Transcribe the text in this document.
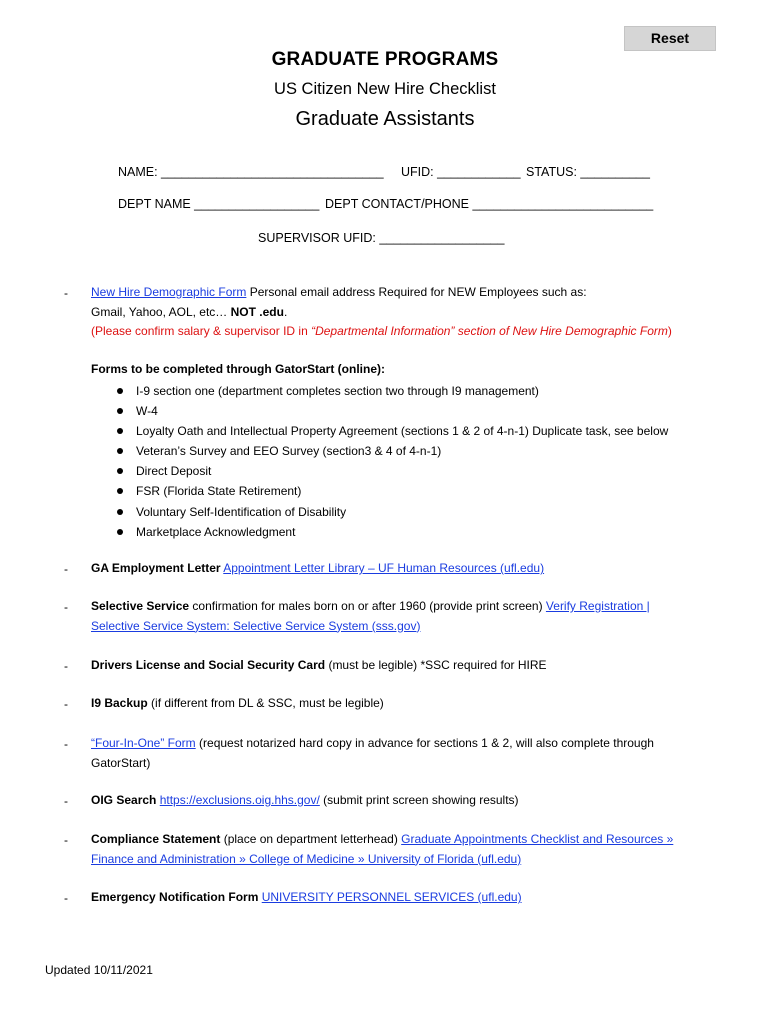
Reset
GRADUATE PROGRAMS
US Citizen New Hire Checklist
Graduate Assistants
NAME: ________________________________ UFID: ____________ STATUS: __________
DEPT NAME __________________ DEPT CONTACT/PHONE __________________________
SUPERVISOR UFID: __________________
- New Hire Demographic Form Personal email address Required for NEW Employees such as:
Gmail, Yahoo, AOL, etc… NOT .edu.
(Please confirm salary & supervisor ID in “Departmental Information” section of New Hire Demographic Form)
Forms to be completed through GatorStart (online):
I-9 section one (department completes section two through I9 management)
W-4
Loyalty Oath and Intellectual Property Agreement (sections 1 & 2 of 4-n-1) Duplicate task, see below
Veteran’s Survey and EEO Survey (section3 & 4 of 4-n-1)
Direct Deposit
FSR (Florida State Retirement)
Voluntary Self-Identification of Disability
Marketplace Acknowledgment
- GA Employment Letter Appointment Letter Library – UF Human Resources (ufl.edu)
- Selective Service confirmation for males born on or after 1960 (provide print screen) Verify Registration |
Selective Service System: Selective Service System (sss.gov)
- Drivers License and Social Security Card (must be legible) *SSC required for HIRE
- I9 Backup (if different from DL & SSC, must be legible)
- “Four-In-One” Form (request notarized hard copy in advance for sections 1 & 2, will also complete through
GatorStart)
- OIG Search https://exclusions.oig.hhs.gov/ (submit print screen showing results)
- Compliance Statement (place on department letterhead) Graduate Appointments Checklist and Resources »
Finance and Administration » College of Medicine » University of Florida (ufl.edu)
- Emergency Notification Form UNIVERSITY PERSONNEL SERVICES (ufl.edu)
Updated 10/11/2021
